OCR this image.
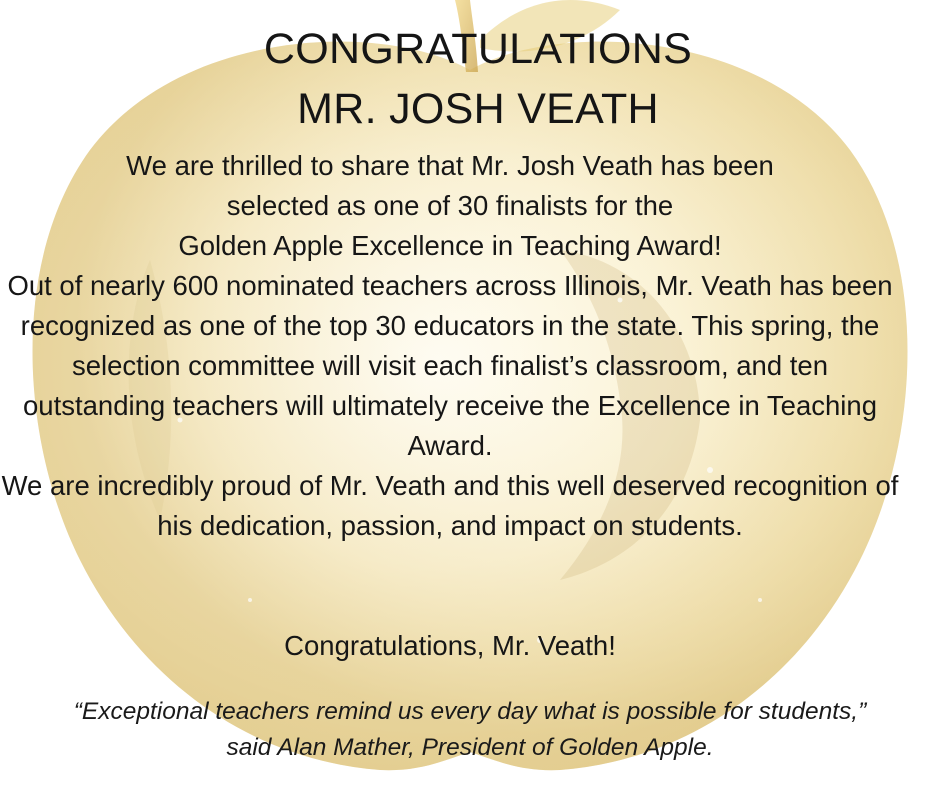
CONGRATULATIONS
MR. JOSH VEATH
We are thrilled to share that Mr. Josh Veath has been
selected as one of 30 finalists for the
Golden Apple Excellence in Teaching Award!

Out of nearly 600 nominated teachers across Illinois, Mr. Veath has been recognized as one of the top 30 educators in the state. This spring, the selection committee will visit each finalist’s classroom, and ten outstanding teachers will ultimately receive the Excellence in Teaching Award.

We are incredibly proud of Mr. Veath and this well deserved recognition of his dedication, passion, and impact on students.

Congratulations, Mr. Veath!

“Exceptional teachers remind us every day what is possible for students,”

said Alan Mather, President of Golden Apple.
